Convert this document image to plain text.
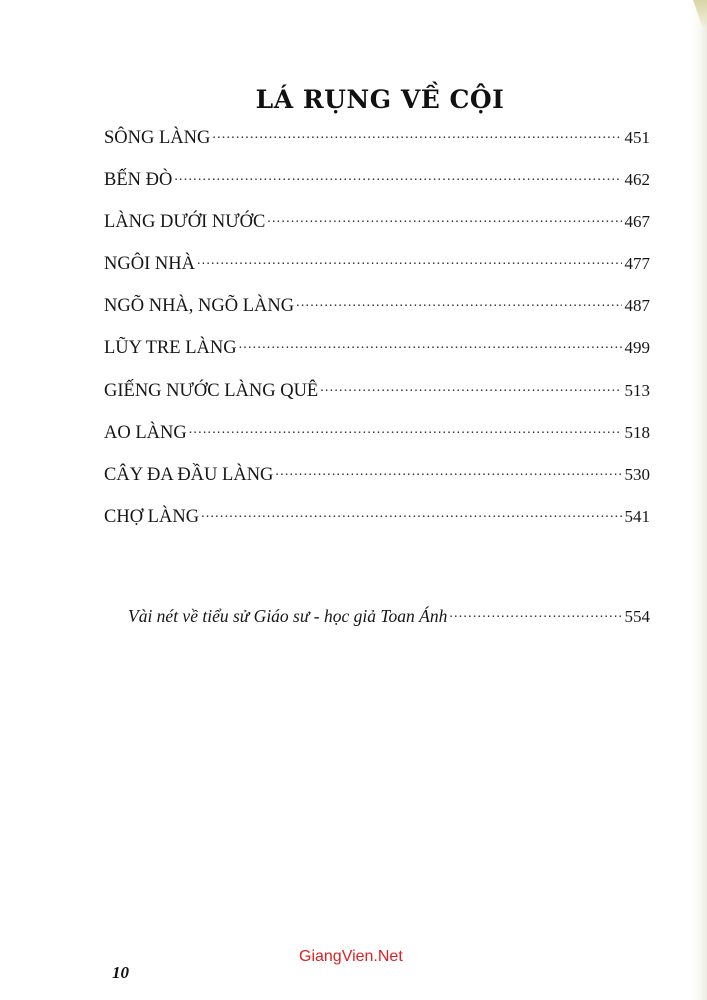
LÁ RỤNG VỀ CỘI
SÔNG LÀNG .....	451
BẾN ĐÒ .....	462
LÀNG DƯỚI NƯỚC .....	467
NGÔI NHÀ .....	477
NGÕ NHÀ, NGÕ LÀNG .....	487
LŨY TRE LÀNG .....	499
GIẾNG NƯỚC LÀNG QUÊ .....	513
AO LÀNG .....	518
CÂY ĐA ĐẦU LÀNG .....	530
CHỢ LÀNG .....	541
Vài nét về tiểu sử Giáo sư - học giả Toan Ánh .....	554
GiangVien.Net
10
